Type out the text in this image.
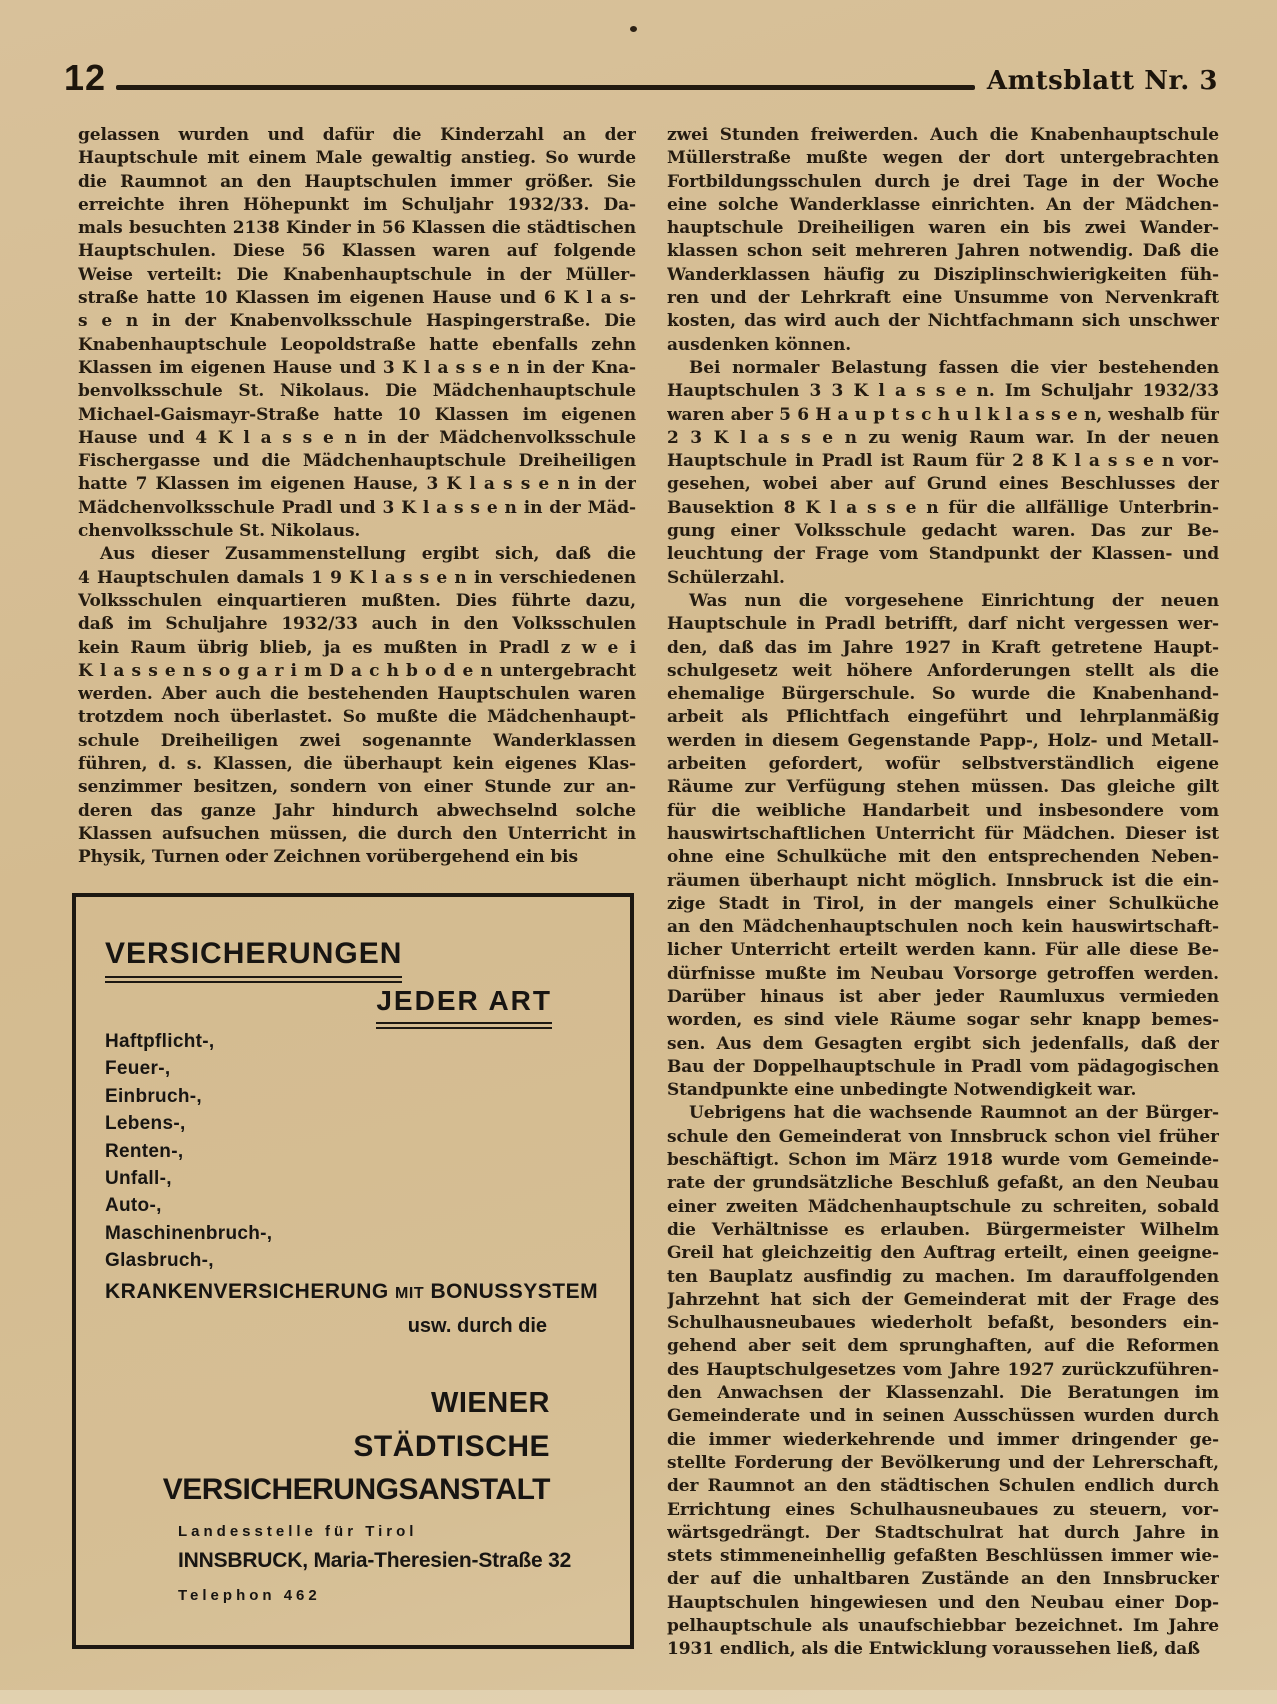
12	Amtsblatt Nr. 3
gelassen wurden und dafür die Kinderzahl an der
Hauptschule mit einem Male gewaltig anstieg. So wurde
die Raumnot an den Hauptschulen immer größer. Sie
erreichte ihren Höhepunkt im Schuljahr 1932/33. Da-
mals besuchten 2138 Kinder in 56 Klassen die städtischen
Hauptschulen. Diese 56 Klassen waren auf folgende
Weise verteilt: Die Knabenhauptschule in der Müller-
straße hatte 10 Klassen im eigenen Hause und 6 K l a s-
s e n in der Knabenvolksschule Haspingerstraße. Die
Knabenhauptschule Leopoldstraße hatte ebenfalls zehn
Klassen im eigenen Hause und 3 K l a s s e n in der Kna-
benvolksschule St. Nikolaus. Die Mädchenhauptschule
Michael-Gaismayr-Straße hatte 10 Klassen im eigenen
Hause und 4 K l a s s e n in der Mädchenvolksschule
Fischergasse und die Mädchenhauptschule Dreiheiligen
hatte 7 Klassen im eigenen Hause, 3 K l a s s e n in der
Mädchenvolksschule Pradl und 3 K l a s s e n in der Mäd-
chenvolksschule St. Nikolaus.
Aus dieser Zusammenstellung ergibt sich, daß die
4 Hauptschulen damals 1 9 K l a s s e n in verschiedenen
Volksschulen einquartieren mußten. Dies führte dazu,
daß im Schuljahre 1932/33 auch in den Volksschulen
kein Raum übrig blieb, ja es mußten in Pradl z w e i
K l a s s e n s o g a r i m D a c h b o d e n untergebracht
werden. Aber auch die bestehenden Hauptschulen waren
trotzdem noch überlastet. So mußte die Mädchenhaupt-
schule Dreiheiligen zwei sogenannte Wanderklassen
führen, d. s. Klassen, die überhaupt kein eigenes Klas-
senzimmer besitzen, sondern von einer Stunde zur an-
deren das ganze Jahr hindurch abwechselnd solche
Klassen aufsuchen müssen, die durch den Unterricht in
Physik, Turnen oder Zeichnen vorübergehend ein bis
zwei Stunden freiwerden. Auch die Knabenhauptschule
Müllerstraße mußte wegen der dort untergebrachten
Fortbildungsschulen durch je drei Tage in der Woche
eine solche Wanderklasse einrichten. An der Mädchen-
hauptschule Dreiheiligen waren ein bis zwei Wander-
klassen schon seit mehreren Jahren notwendig. Daß die
Wanderklassen häufig zu Disziplinschwierigkeiten füh-
ren und der Lehrkraft eine Unsumme von Nervenkraft
kosten, das wird auch der Nichtfachmann sich unschwer
ausdenken können.
Bei normaler Belastung fassen die vier bestehenden
Hauptschulen 3 3 K l a s s e n. Im Schuljahr 1932/33
waren aber 5 6 H a u p t s c h u l k l a s s e n, weshalb für
2 3 K l a s s e n zu wenig Raum war. In der neuen
Hauptschule in Pradl ist Raum für 2 8 K l a s s e n vor-
gesehen, wobei aber auf Grund eines Beschlusses der
Bausektion 8 K l a s s e n für die allfällige Unterbrin-
gung einer Volksschule gedacht waren. Das zur Be-
leuchtung der Frage vom Standpunkt der Klassen- und
Schülerzahl.
Was nun die vorgesehene Einrichtung der neuen
Hauptschule in Pradl betrifft, darf nicht vergessen wer-
den, daß das im Jahre 1927 in Kraft getretene Haupt-
schulgesetz weit höhere Anforderungen stellt als die
ehemalige Bürgerschule. So wurde die Knabenhand-
arbeit als Pflichtfach eingeführt und lehrplanmäßig
werden in diesem Gegenstande Papp-, Holz- und Metall-
arbeiten gefordert, wofür selbstverständlich eigene
Räume zur Verfügung stehen müssen. Das gleiche gilt
für die weibliche Handarbeit und insbesondere vom
hauswirtschaftlichen Unterricht für Mädchen. Dieser ist
ohne eine Schulküche mit den entsprechenden Neben-
räumen überhaupt nicht möglich. Innsbruck ist die ein-
zige Stadt in Tirol, in der mangels einer Schulküche
an den Mädchenhauptschulen noch kein hauswirtschaft-
licher Unterricht erteilt werden kann. Für alle diese Be-
dürfnisse mußte im Neubau Vorsorge getroffen werden.
Darüber hinaus ist aber jeder Raumluxus vermieden
worden, es sind viele Räume sogar sehr knapp bemes-
sen. Aus dem Gesagten ergibt sich jedenfalls, daß der
Bau der Doppelhauptschule in Pradl vom pädagogischen
Standpunkte eine unbedingte Notwendigkeit war.
Uebrigens hat die wachsende Raumnot an der Bürger-
schule den Gemeinderat von Innsbruck schon viel früher
beschäftigt. Schon im März 1918 wurde vom Gemeinde-
rate der grundsätzliche Beschluß gefaßt, an den Neubau
einer zweiten Mädchenhauptschule zu schreiten, sobald
die Verhältnisse es erlauben. Bürgermeister Wilhelm
Greil hat gleichzeitig den Auftrag erteilt, einen geeigne-
ten Bauplatz ausfindig zu machen. Im darauffolgenden
Jahrzehnt hat sich der Gemeinderat mit der Frage des
Schulhausneubaues wiederholt befaßt, besonders ein-
gehend aber seit dem sprunghaften, auf die Reformen
des Hauptschulgesetzes vom Jahre 1927 zurückzuführen-
den Anwachsen der Klassenzahl. Die Beratungen im
Gemeinderate und in seinen Ausschüssen wurden durch
die immer wiederkehrende und immer dringender ge-
stellte Forderung der Bevölkerung und der Lehrerschaft,
der Raumnot an den städtischen Schulen endlich durch
Errichtung eines Schulhausneubaues zu steuern, vor-
wärtsgedrängt. Der Stadtschulrat hat durch Jahre in
stets stimmeneinhellig gefaßten Beschlüssen immer wie-
der auf die unhaltbaren Zustände an den Innsbrucker
Hauptschulen hingewiesen und den Neubau einer Dop-
pelhauptschule als unaufschiebbar bezeichnet. Im Jahre
1931 endlich, als die Entwicklung voraussehen ließ, daß
VERSICHERUNGEN
JEDER ART
Haftpflicht-,
Feuer-,
Einbruch-,
Lebens-,
Renten-,
Unfall-,
Auto-,
Maschinenbruch-,
Glasbruch-,
KRANKENVERSICHERUNG MIT BONUSSYSTEM
usw. durch die
WIENER
STÄDTISCHE
VERSICHERUNGSANSTALT
Landesstelle für Tirol
INNSBRUCK, Maria-Theresien-Straße 32
Telephon 462
